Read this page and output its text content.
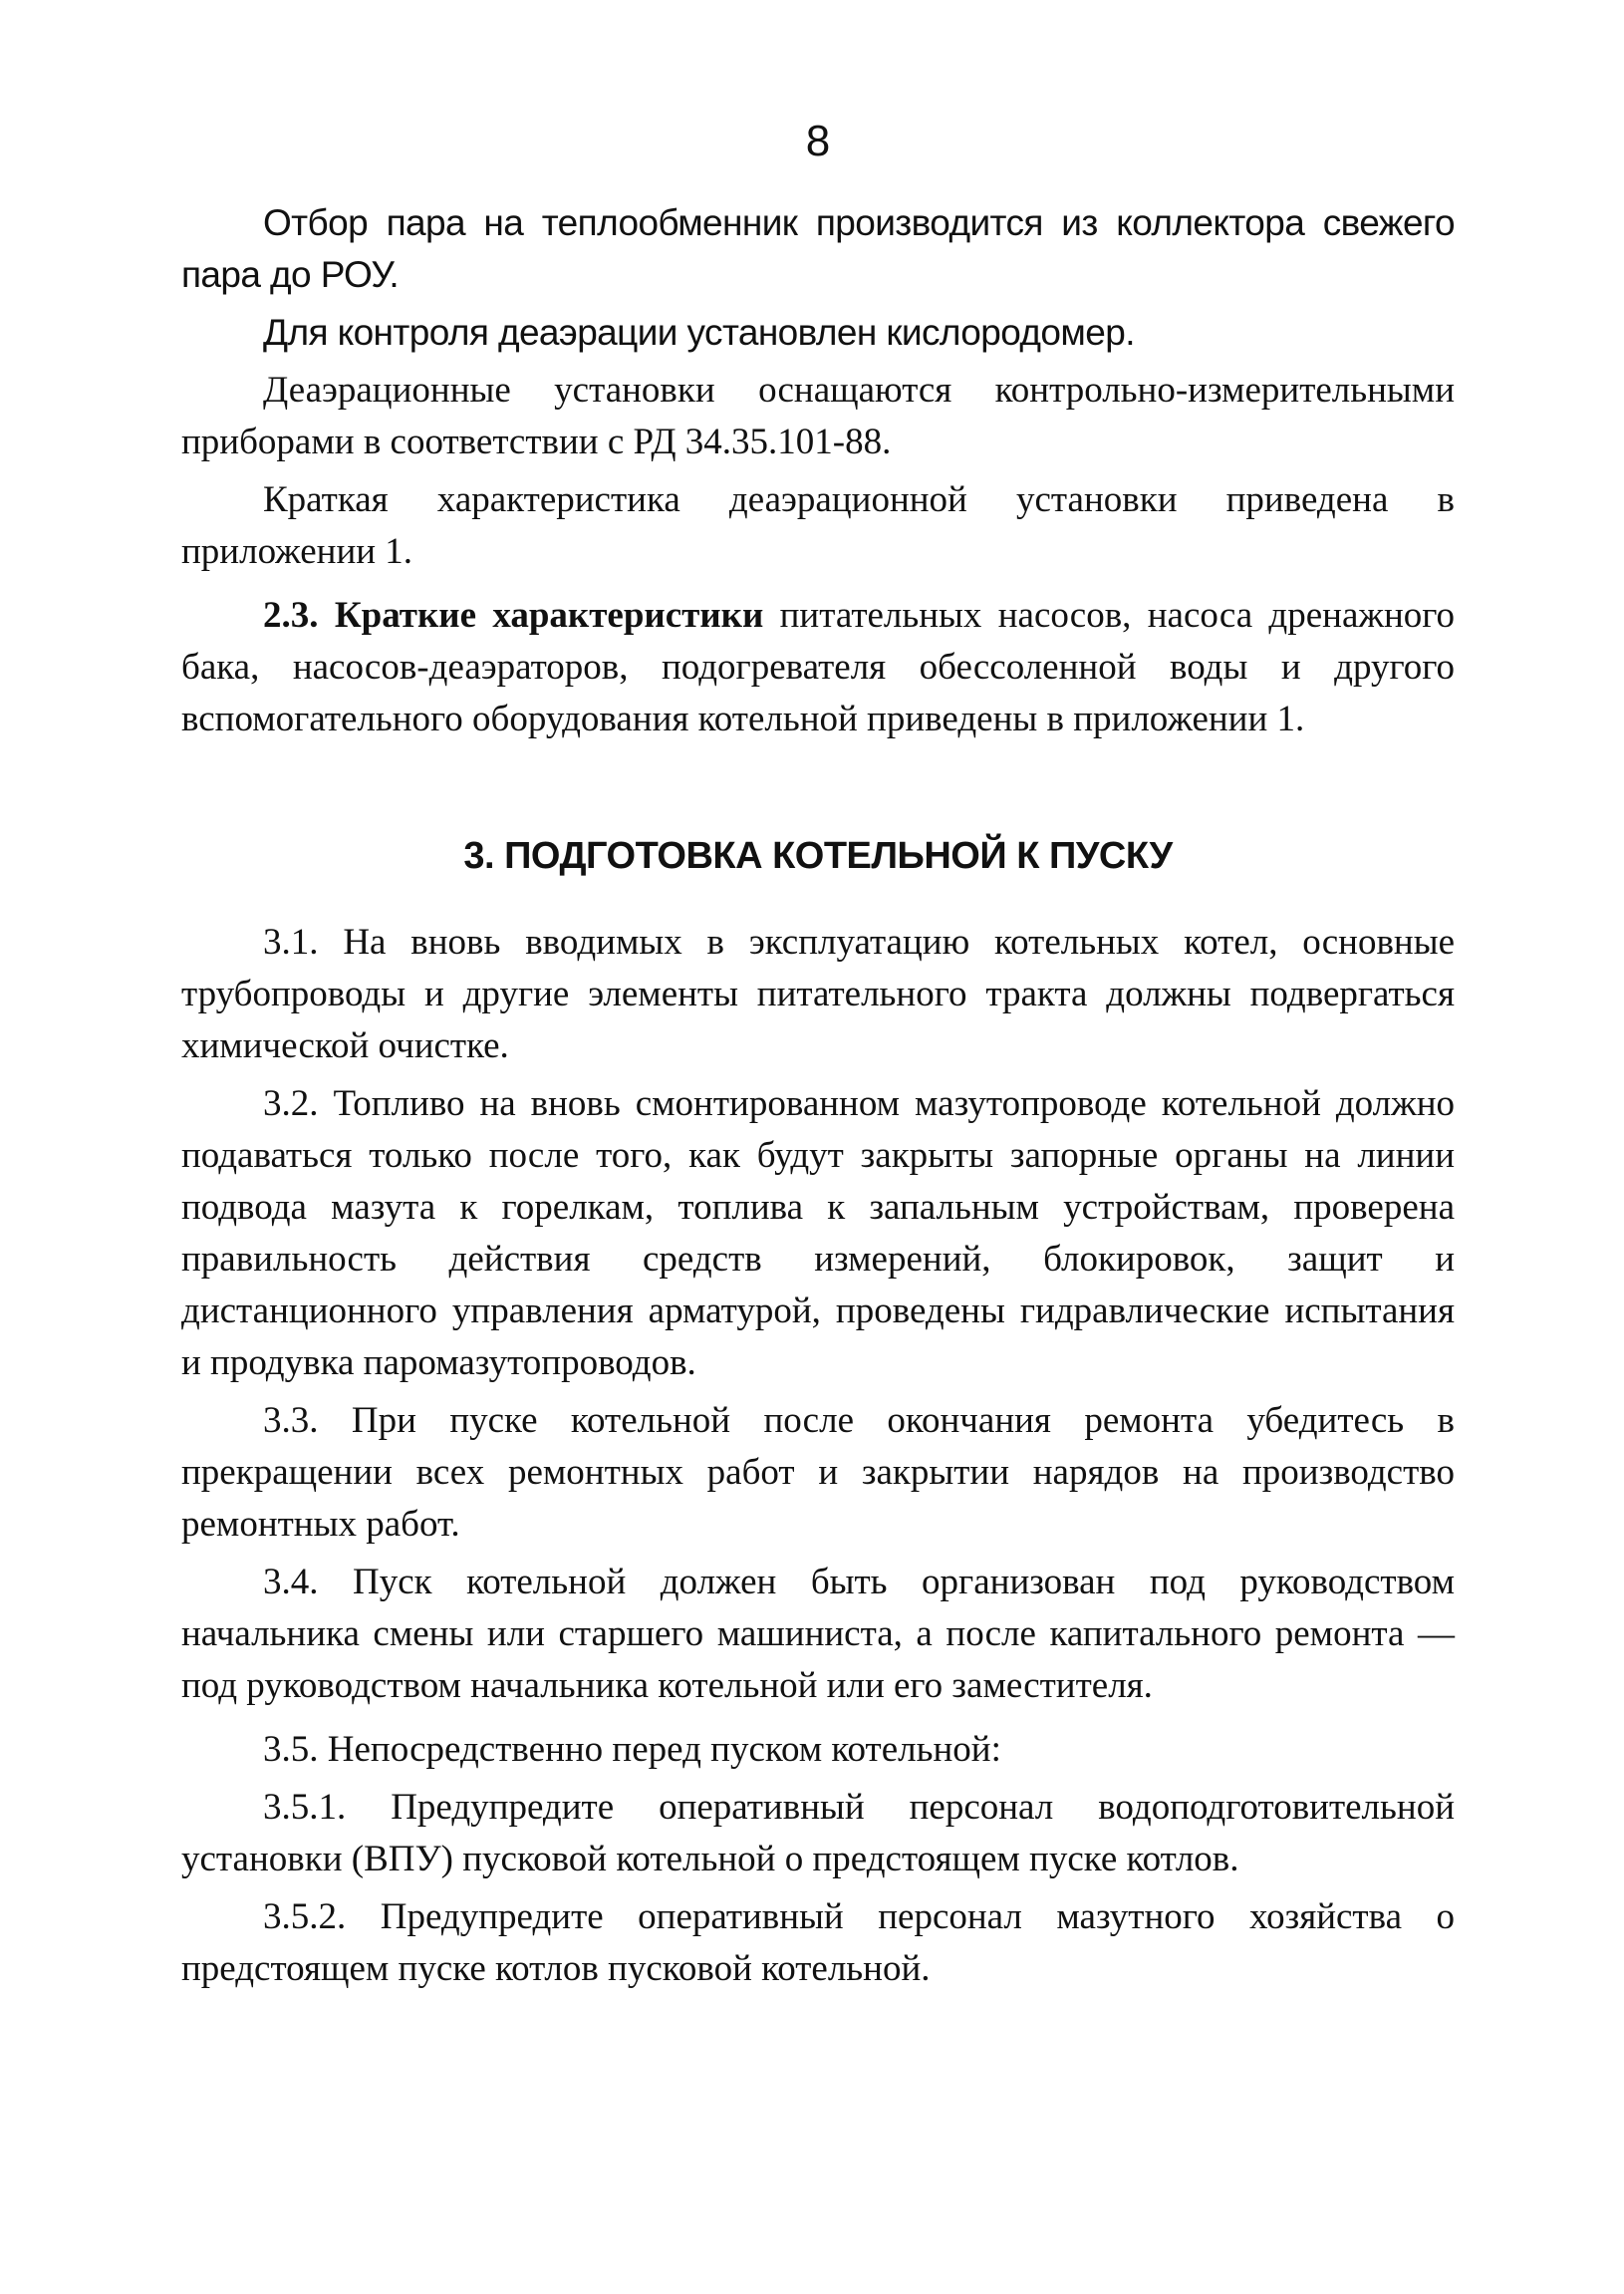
8

Отбор пара на теплообменник производится из коллектора свежего пара до РОУ.

Для контроля деаэрации установлен кислородомер.

Деаэрационные установки оснащаются контрольно-измерительными приборами в соответствии с РД 34.35.101-88.

Краткая характеристика деаэрационной установки приведена в приложении 1.

2.3. Краткие характеристики питательных насосов, насоса дренажного бака, насосов-деаэраторов, подогревателя обессоленной воды и другого вспомогательного оборудования котельной приведены в приложении 1.

3. ПОДГОТОВКА КОТЕЛЬНОЙ К ПУСКУ

3.1. На вновь вводимых в эксплуатацию котельных котел, основные трубопроводы и другие элементы питательного тракта должны подвергаться химической очистке.

3.2. Топливо на вновь смонтированном мазутопроводе котельной должно подаваться только после того, как будут закрыты запорные органы на линии подвода мазута к горелкам, топлива к запальным устройствам, проверена правильность действия средств измерений, блокировок, защит и дистанционного управления арматурой, проведены гидравлические испытания и продувка паромазутопроводов.

3.3. При пуске котельной после окончания ремонта убедитесь в прекращении всех ремонтных работ и закрытии нарядов на производство ремонтных работ.

3.4. Пуск котельной должен быть организован под руководством начальника смены или старшего машиниста, а после капитального ремонта — под руководством начальника котельной или его заместителя.

3.5. Непосредственно перед пуском котельной:

3.5.1. Предупредите оперативный персонал водоподготовительной установки (ВПУ) пусковой котельной о предстоящем пуске котлов.

3.5.2. Предупредите оперативный персонал мазутного хозяйства о предстоящем пуске котлов пусковой котельной.
